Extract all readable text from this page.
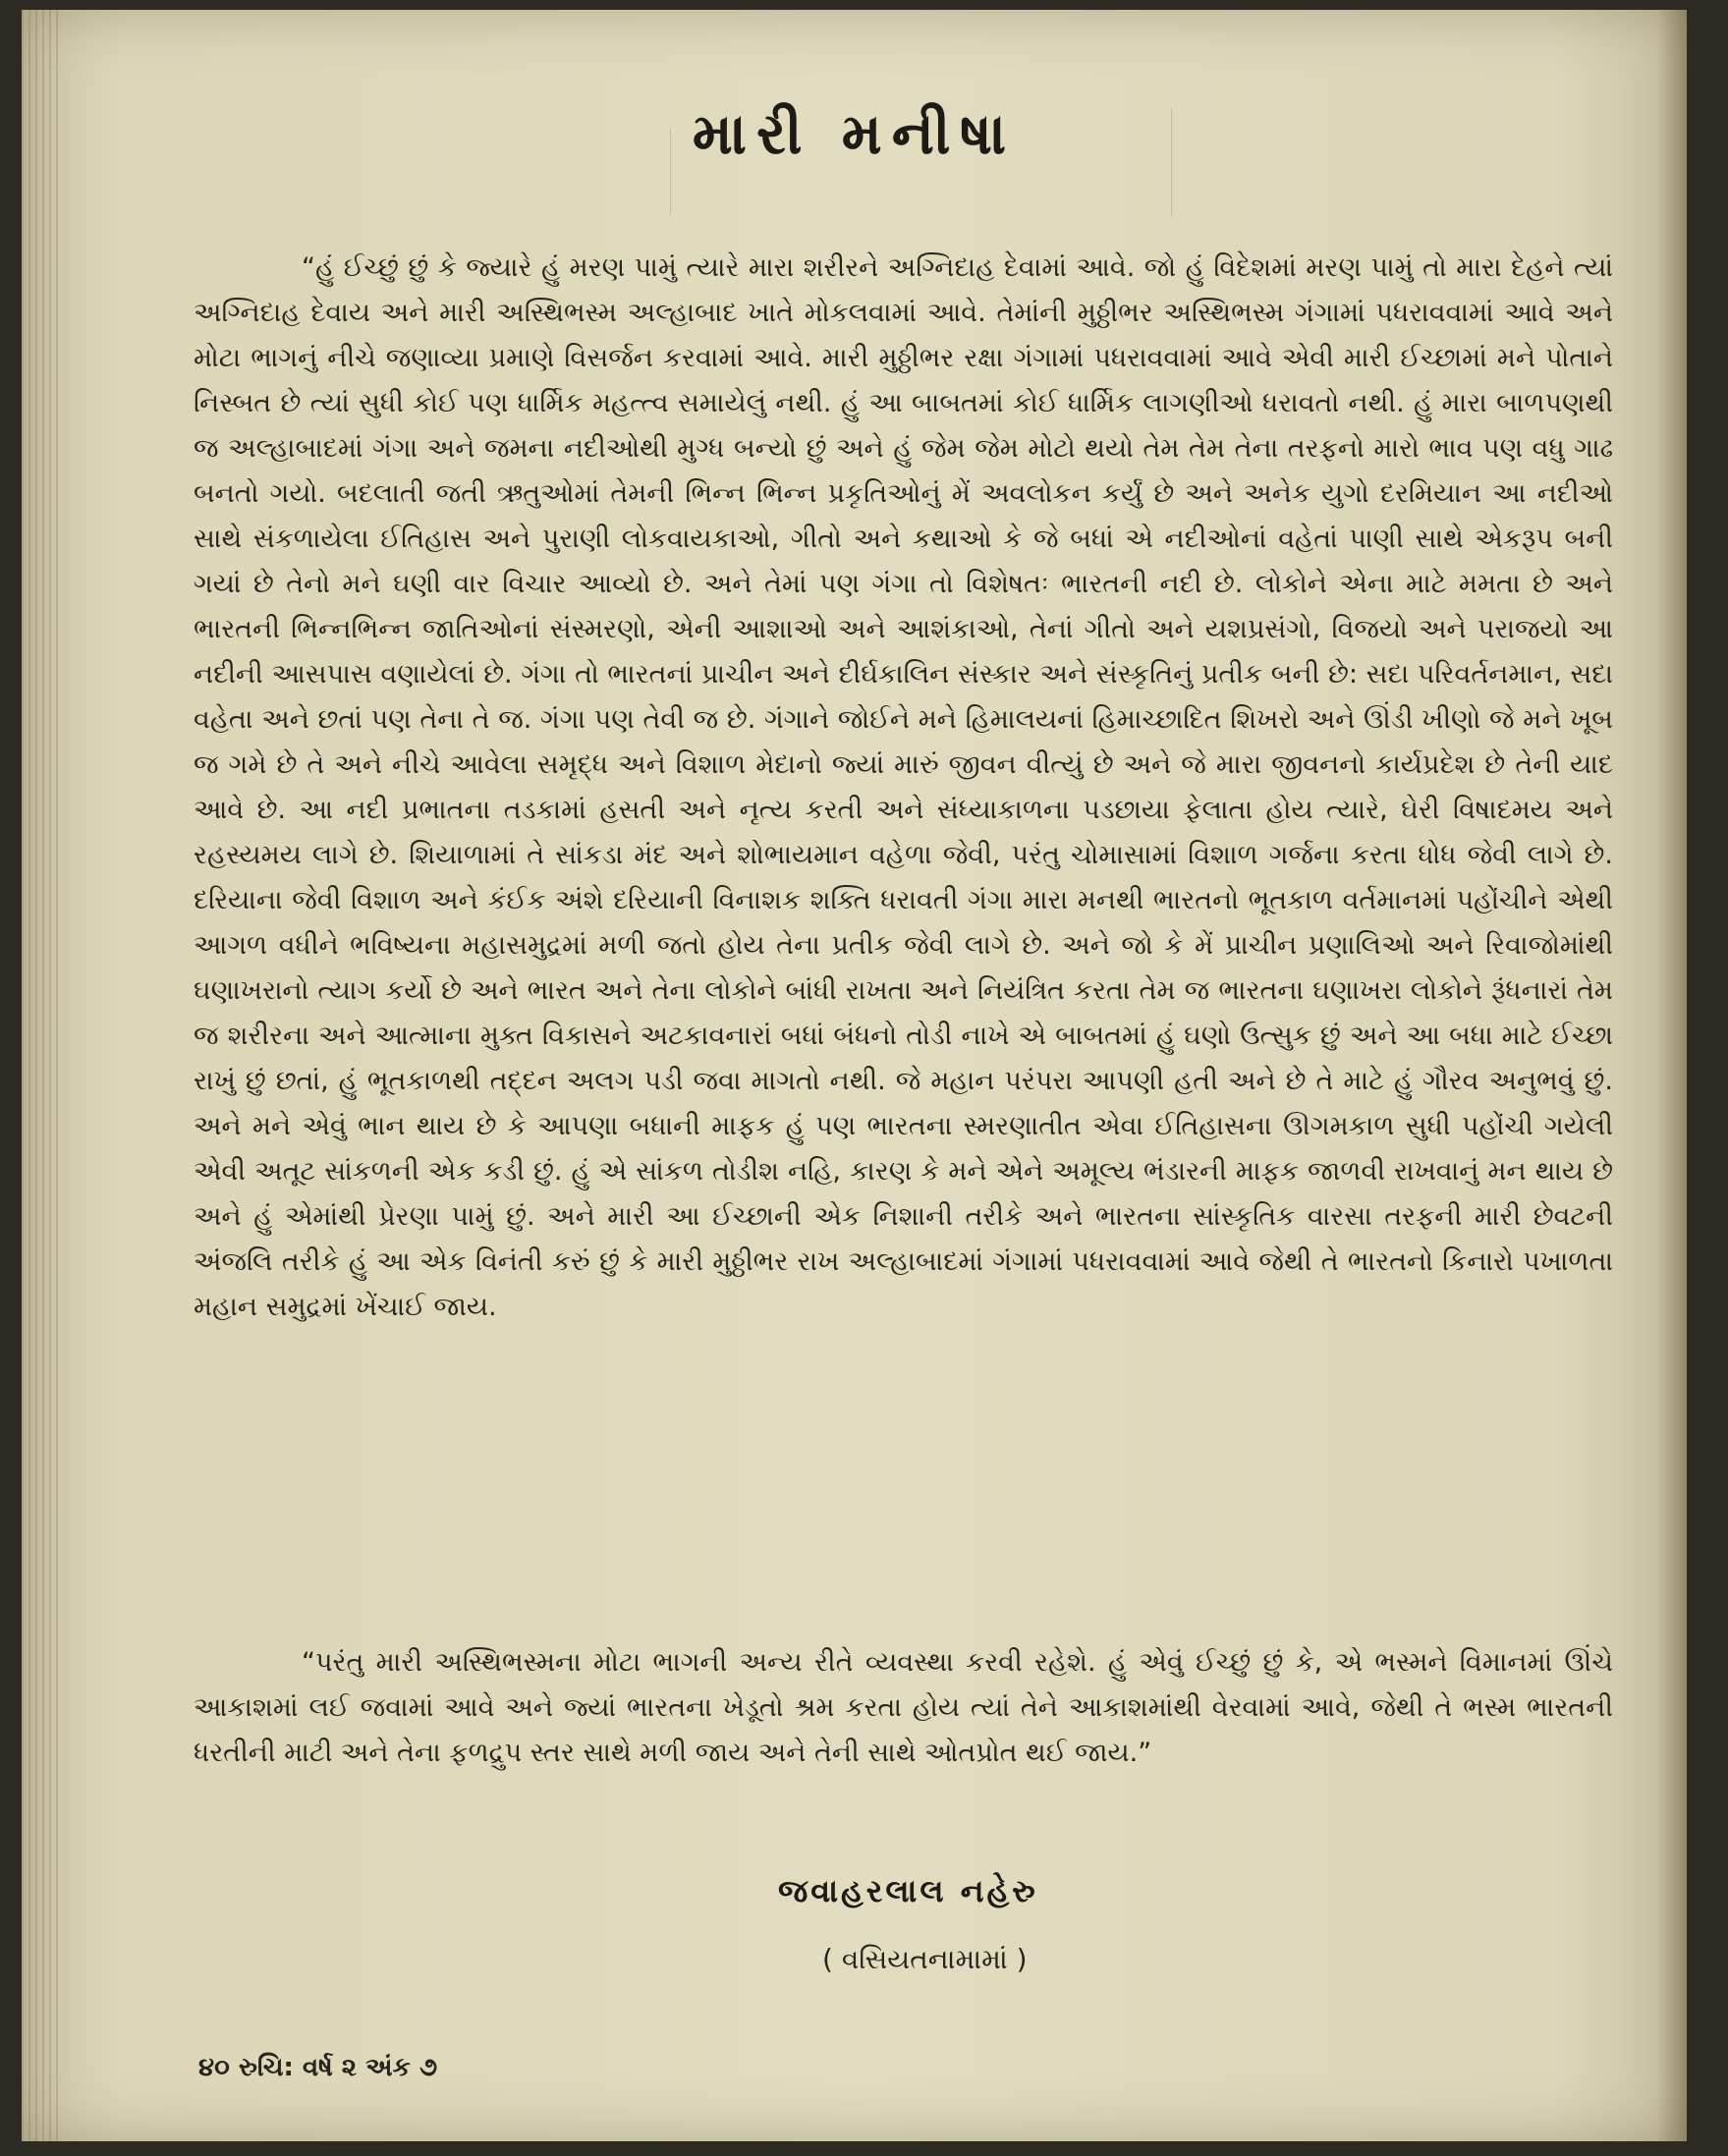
મારી મનીષા

“હું ઈચ્છું છું કે જ્યારે હું મરણ પામું ત્યારે મારા શરીરને અગ્નિદાહ દેવામાં આવે. જો હું વિદેશમાં મરણ પામું તો મારા દેહને ત્યાં અગ્નિદાહ દેવાય અને મારી અસ્થિભસ્મ અલ્હાબાદ ખાતે મોકલવામાં આવે. તેમાંની મુઠ્ઠીભર અસ્થિભસ્મ ગંગામાં પધરાવવામાં આવે અને મોટા ભાગનું નીચે જણાવ્યા પ્રમાણે વિસર્જન કરવામાં આવે. મારી મુઠ્ઠીભર રક્ષા ગંગામાં પધરાવવામાં આવે એવી મારી ઈચ્છામાં મને પોતાને નિસ્બત છે ત્યાં સુધી કોઈ પણ ધાર્મિક મહત્ત્વ સમાયેલું નથી. હું આ બાબતમાં કોઈ ધાર્મિક લાગણીઓ ધરાવતો નથી. હું મારા બાળપણથી જ અલ્હાબાદમાં ગંગા અને જમના નદીઓથી મુગ્ધ બન્યો છું અને હું જેમ જેમ મોટો થયો તેમ તેમ તેના તરફનો મારો ભાવ પણ વધુ ગાઢ બનતો ગયો. બદલાતી જતી ઋતુઓમાં તેમની ભિન્ન ભિન્ન પ્રકૃતિઓનું મેં અવલોકન કર્યું છે અને અનેક યુગો દરમિયાન આ નદીઓ સાથે સંકળાયેલા ઈતિહાસ અને પુરાણી લોકવાયકાઓ, ગીતો અને કથાઓ કે જે બધાં એ નદીઓનાં વહેતાં પાણી સાથે એકરૂપ બની ગયાં છે તેનો મને ઘણી વાર વિચાર આવ્યો છે. અને તેમાં પણ ગંગા તો વિશેષતઃ ભારતની નદી છે. લોકોને એના માટે મમતા છે અને ભારતની ભિન્નભિન્ન જાતિઓનાં સંસ્મરણો, એની આશાઓ અને આશંકાઓ, તેનાં ગીતો અને યશપ્રસંગો, વિજયો અને પરાજયો આ નદીની આસપાસ વણાયેલાં છે. ગંગા તો ભારતનાં પ્રાચીન અને દીર્ઘકાલિન સંસ્કાર અને સંસ્કૃતિનું પ્રતીક બની છે: સદા પરિવર્તનમાન, સદા વહેતા અને છતાં પણ તેના તે જ. ગંગા પણ તેવી જ છે. ગંગાને જોઈને મને હિમાલયનાં હિમાચ્છાદિત શિખરો અને ઊંડી ખીણો જે મને ખૂબ જ ગમે છે તે અને નીચે આવેલા સમૃદ્ધ અને વિશાળ મેદાનો જ્યાં મારું જીવન વીત્યું છે અને જે મારા જીવનનો કાર્યપ્રદેશ છે તેની યાદ આવે છે. આ નદી પ્રભાતના તડકામાં હસતી અને નૃત્ય કરતી અને સંધ્યાકાળના પડછાયા ફેલાતા હોય ત્યારે, ઘેરી વિષાદમય અને રહસ્યમય લાગે છે. શિયાળામાં તે સાંકડા મંદ અને શોભાયમાન વહેળા જેવી, પરંતુ ચોમાસામાં વિશાળ ગર્જના કરતા ધોધ જેવી લાગે છે. દરિયાના જેવી વિશાળ અને કંઈક અંશે દરિયાની વિનાશક શક્તિ ધરાવતી ગંગા મારા મનથી ભારતનો ભૂતકાળ વર્તમાનમાં પહોંચીને એથી આગળ વધીને ભવિષ્યના મહાસમુદ્રમાં મળી જતો હોય તેના પ્રતીક જેવી લાગે છે. અને જો કે મેં પ્રાચીન પ્રણાલિઓ અને રિવાજોમાંથી ઘણાખરાનો ત્યાગ કર્યો છે અને ભારત અને તેના લોકોને બાંધી રાખતા અને નિયંત્રિત કરતા તેમ જ ભારતના ઘણાખરા લોકોને રૂંધનારાં તેમ જ શરીરના અને આત્માના મુક્ત વિકાસને અટકાવનારાં બધાં બંધનો તોડી નાખે એ બાબતમાં હું ઘણો ઉત્સુક છું અને આ બધા માટે ઈચ્છા રાખું છું છતાં, હું ભૂતકાળથી તદ્દન અલગ પડી જવા માગતો નથી. જે મહાન પરંપરા આપણી હતી અને છે તે માટે હું ગૌરવ અનુભવું છું. અને મને એવું ભાન થાય છે કે આપણા બધાની માફક હું પણ ભારતના સ્મરણાતીત એવા ઈતિહાસના ઊગમકાળ સુધી પહોંચી ગયેલી એવી અતૂટ સાંકળની એક કડી છું. હું એ સાંકળ તોડીશ નહિ, કારણ કે મને એને અમૂલ્ય ભંડારની માફક જાળવી રાખવાનું મન થાય છે અને હું એમાંથી પ્રેરણા પામું છું. અને મારી આ ઈચ્છાની એક નિશાની તરીકે અને ભારતના સાંસ્કૃતિક વારસા તરફની મારી છેવટની અંજલિ તરીકે હું આ એક વિનંતી કરું છું કે મારી મુઠ્ઠીભર રાખ અલ્હાબાદમાં ગંગામાં પધરાવવામાં આવે જેથી તે ભારતનો કિનારો પખાળતા મહાન સમુદ્રમાં ખેંચાઈ જાય.

“પરંતુ મારી અસ્થિભસ્મના મોટા ભાગની અન્ય રીતે વ્યવસ્થા કરવી રહેશે. હું એવું ઈચ્છું છું કે, એ ભસ્મને વિમાનમાં ઊંચે આકાશમાં લઈ જવામાં આવે અને જ્યાં ભારતના ખેડૂતો શ્રમ કરતા હોય ત્યાં તેને આકાશમાંથી વેરવામાં આવે, જેથી તે ભસ્મ ભારતની ધરતીની માટી અને તેના ફળદ્રુપ સ્તર સાથે મળી જાય અને તેની સાથે ઓતપ્રોત થઈ જાય.”

જવાહરલાલ નહેરુ
( વસિયતનામામાં )
૪૦ રુચિ: વર્ષ ૨ અંક ૭
